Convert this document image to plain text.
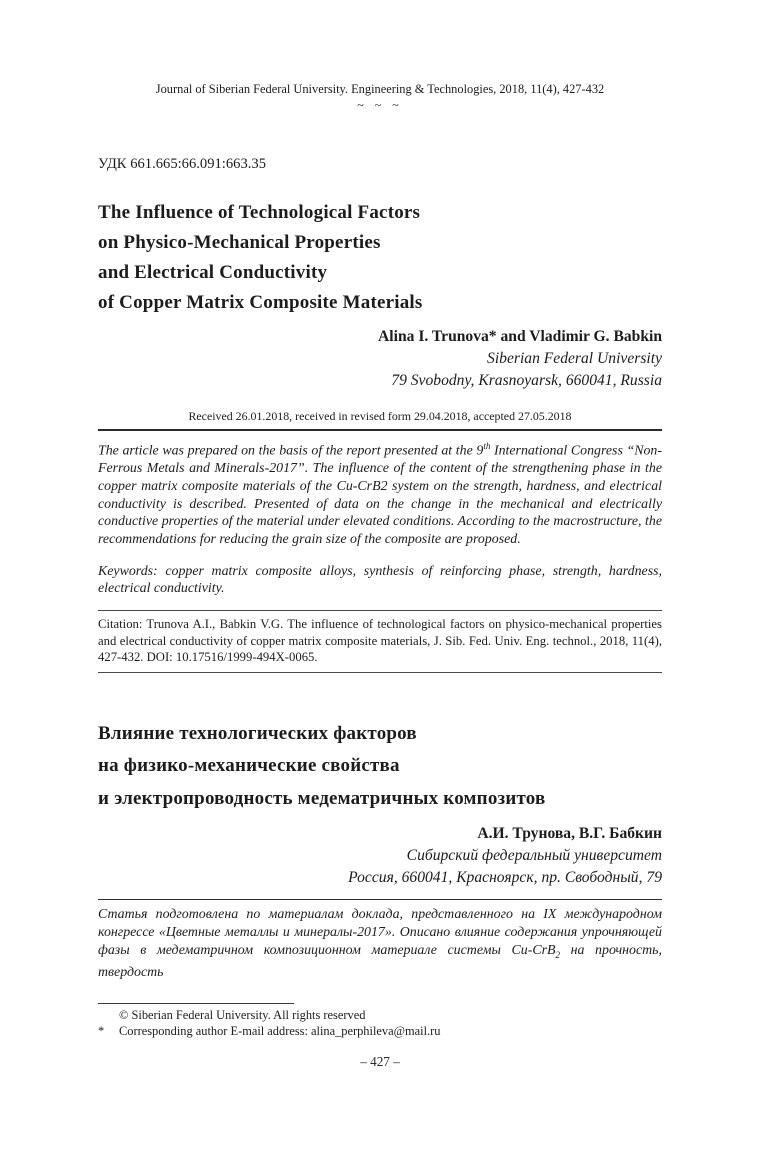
Journal of Siberian Federal University. Engineering & Technologies, 2018, 11(4), 427-432
~ ~ ~
УДК 661.665:66.091:663.35
The Influence of Technological Factors
on Physico-Mechanical Properties
and Electrical Conductivity
of Copper Matrix Composite Materials
Alina I. Trunova* and Vladimir G. Babkin
Siberian Federal University
79 Svobodny, Krasnoyarsk, 660041, Russia
Received 26.01.2018, received in revised form 29.04.2018, accepted 27.05.2018

The article was prepared on the basis of the report presented at the 9th International Congress “Non-Ferrous Metals and Minerals-2017”. The influence of the content of the strengthening phase in the copper matrix composite materials of the Cu-CrB2 system on the strength, hardness, and electrical conductivity is described. Presented of data on the change in the mechanical and electrically conductive properties of the material under elevated conditions. According to the macrostructure, the recommendations for reducing the grain size of the composite are proposed.

Keywords: copper matrix composite alloys, synthesis of reinforcing phase, strength, hardness, electrical conductivity.

Citation: Trunova A.I., Babkin V.G. The influence of technological factors on physico-mechanical properties and electrical conductivity of copper matrix composite materials, J. Sib. Fed. Univ. Eng. technol., 2018, 11(4), 427-432. DOI: 10.17516/1999-494X-0065.

Влияние технологических факторов
на физико-механические свойства
и электропроводность медематричных композитов
А.И. Трунова, В.Г. Бабкин
Сибирский федеральный университет
Россия, 660041, Красноярск, пр. Свободный, 79

Статья подготовлена по материалам доклада, представленного на IX международном конгрессе «Цветные металлы и минералы-2017». Описано влияние содержания упрочняющей фазы в медематричном композиционном материале системы Cu-CrB$_2$ на прочность, твердость

© Siberian Federal University. All rights reserved
*	Corresponding author E-mail address: alina_perphileva@mail.ru
– 427 –
